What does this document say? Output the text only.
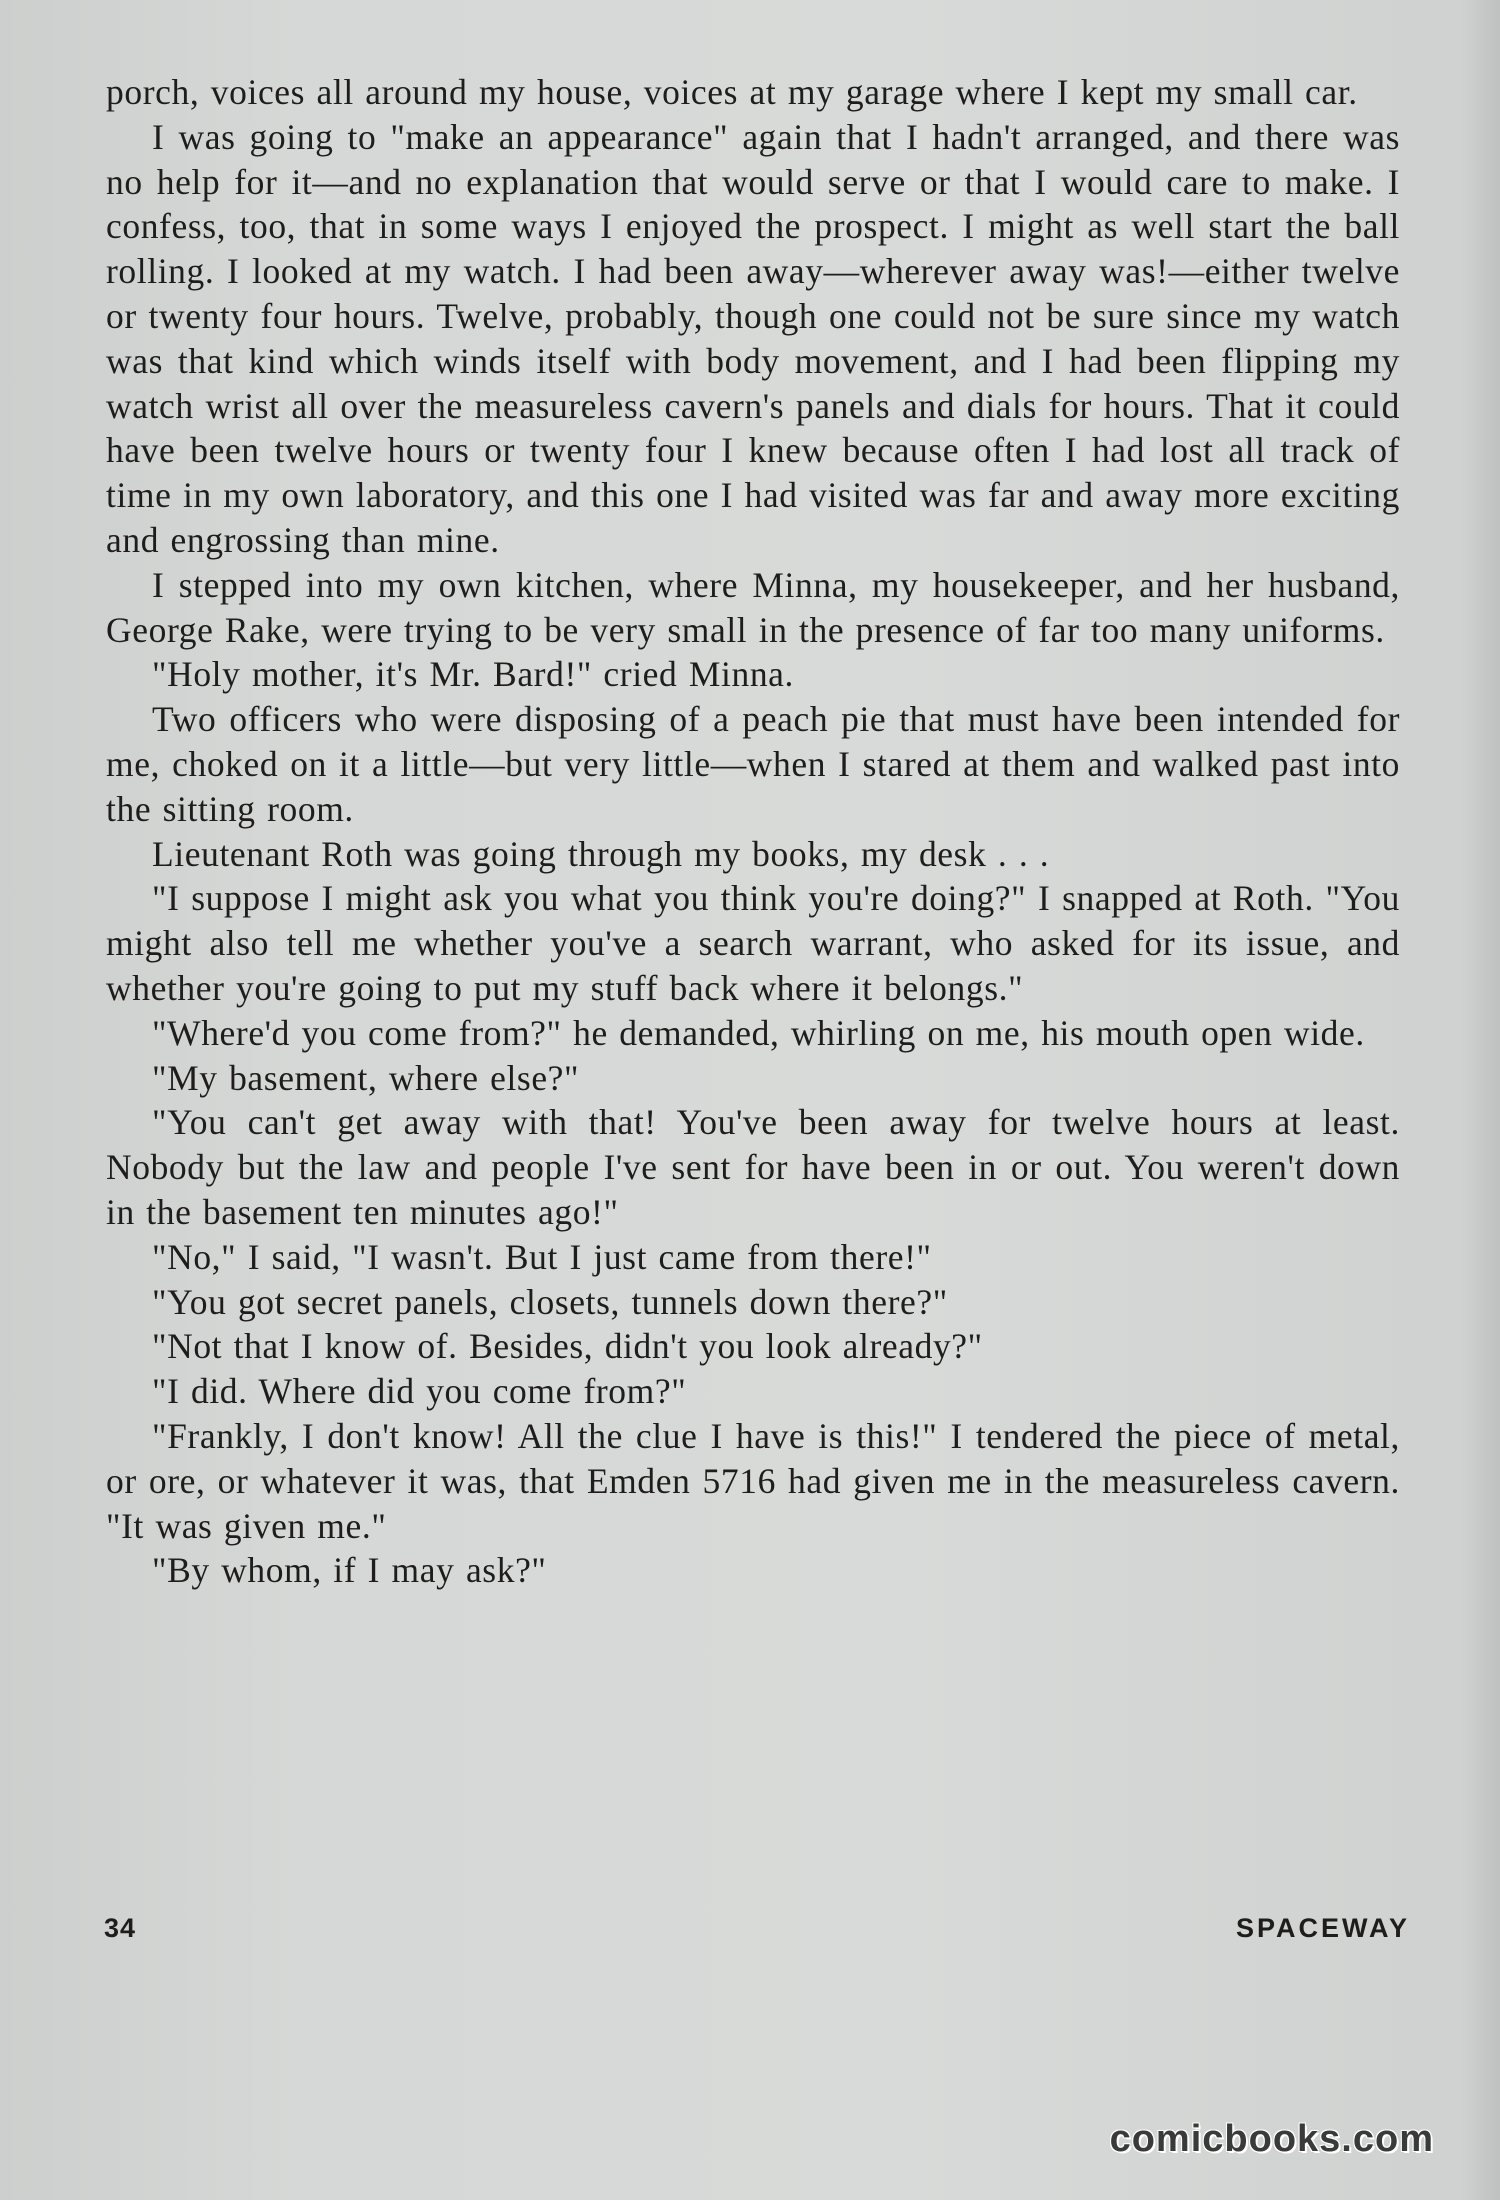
porch, voices all around my house, voices at my garage where I kept my small car.

I was going to "make an appearance" again that I hadn't arranged, and there was no help for it—and no explanation that would serve or that I would care to make. I confess, too, that in some ways I enjoyed the prospect. I might as well start the ball rolling. I looked at my watch. I had been away—wherever away was!—either twelve or twenty four hours. Twelve, probably, though one could not be sure since my watch was that kind which winds itself with body movement, and I had been flipping my watch wrist all over the measureless cavern's panels and dials for hours. That it could have been twelve hours or twenty four I knew because often I had lost all track of time in my own laboratory, and this one I had visited was far and away more exciting and engrossing than mine.

I stepped into my own kitchen, where Minna, my housekeeper, and her husband, George Rake, were trying to be very small in the presence of far too many uniforms.

"Holy mother, it's Mr. Bard!" cried Minna.

Two officers who were disposing of a peach pie that must have been intended for me, choked on it a little—but very little—when I stared at them and walked past into the sitting room.

Lieutenant Roth was going through my books, my desk . . .

"I suppose I might ask you what you think you're doing?" I snapped at Roth. "You might also tell me whether you've a search warrant, who asked for its issue, and whether you're going to put my stuff back where it belongs."

"Where'd you come from?" he demanded, whirling on me, his mouth open wide.

"My basement, where else?"

"You can't get away with that! You've been away for twelve hours at least. Nobody but the law and people I've sent for have been in or out. You weren't down in the basement ten minutes ago!"

"No," I said, "I wasn't. But I just came from there!"

"You got secret panels, closets, tunnels down there?"

"Not that I know of. Besides, didn't you look already?"

"I did. Where did you come from?"

"Frankly, I don't know! All the clue I have is this!" I tendered the piece of metal, or ore, or whatever it was, that Emden 5716 had given me in the measureless cavern. "It was given me."

"By whom, if I may ask?"

34	SPACEWAY
comicbooks.com
